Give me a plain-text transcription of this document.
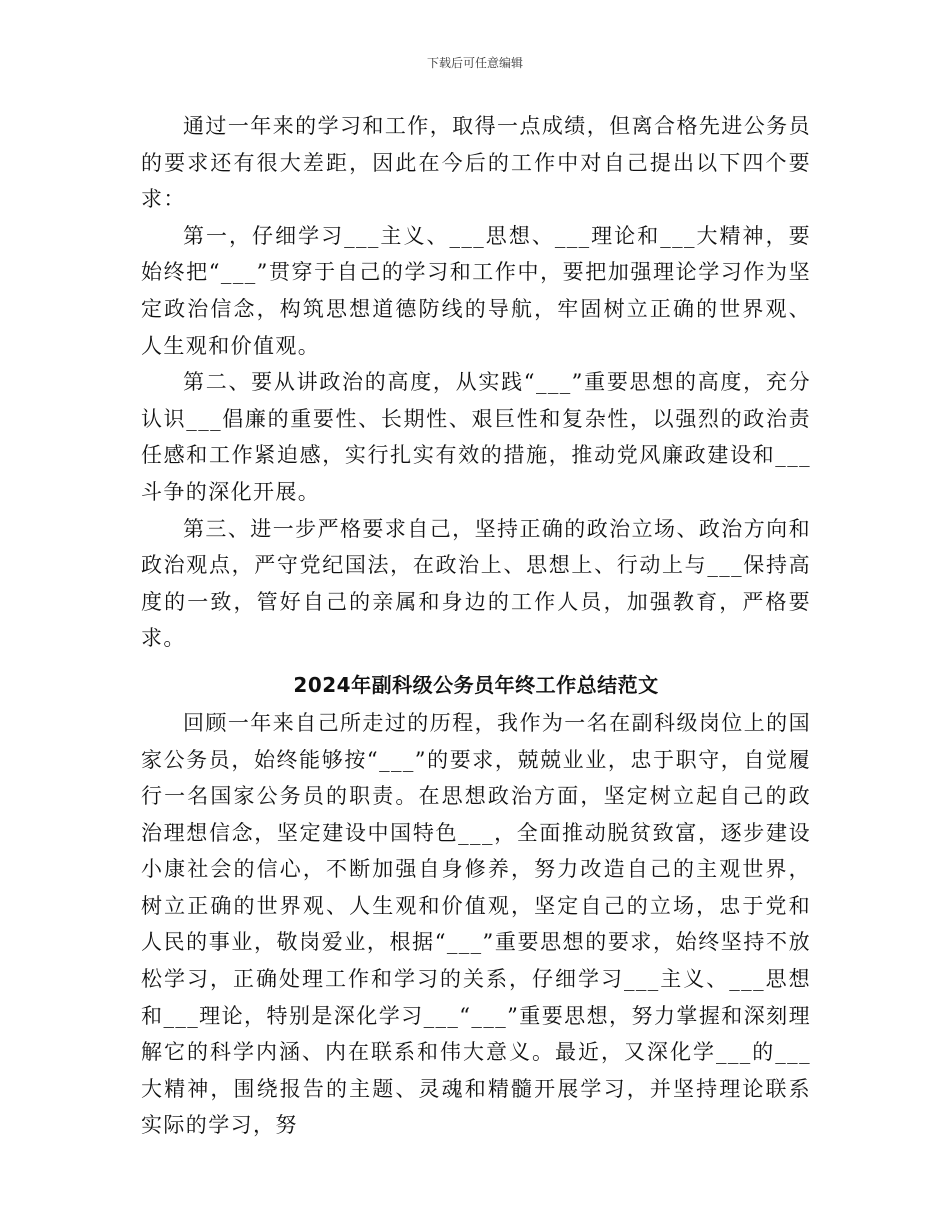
下载后可任意编辑

通过一年来的学习和工作，取得一点成绩，但离合格先进公务员的要求还有很大差距，因此在今后的工作中对自己提出以下四个要求：

第一，仔细学习___主义、___思想、___理论和___大精神，要始终把“___”贯穿于自己的学习和工作中，要把加强理论学习作为坚定政治信念，构筑思想道德防线的导航，牢固树立正确的世界观、人生观和价值观。

第二、要从讲政治的高度，从实践“___”重要思想的高度，充分认识___倡廉的重要性、长期性、艰巨性和复杂性，以强烈的政治责任感和工作紧迫感，实行扎实有效的措施，推动党风廉政建设和___斗争的深化开展。

第三、进一步严格要求自己，坚持正确的政治立场、政治方向和政治观点，严守党纪国法，在政治上、思想上、行动上与___保持高度的一致，管好自己的亲属和身边的工作人员，加强教育，严格要求。

2024年副科级公务员年终工作总结范文

回顾一年来自己所走过的历程，我作为一名在副科级岗位上的国家公务员，始终能够按“___”的要求，兢兢业业，忠于职守，自觉履行一名国家公务员的职责。在思想政治方面，坚定树立起自己的政治理想信念，坚定建设中国特色___，全面推动脱贫致富，逐步建设小康社会的信心，不断加强自身修养，努力改造自己的主观世界，树立正确的世界观、人生观和价值观，坚定自己的立场，忠于党和人民的事业，敬岗爱业，根据“___”重要思想的要求，始终坚持不放松学习，正确处理工作和学习的关系，仔细学习___主义、___思想和___理论，特别是深化学习___“___”重要思想，努力掌握和深刻理解它的科学内涵、内在联系和伟大意义。最近，又深化学___的___大精神，围绕报告的主题、灵魂和精髓开展学习，并坚持理论联系实际的学习，努
